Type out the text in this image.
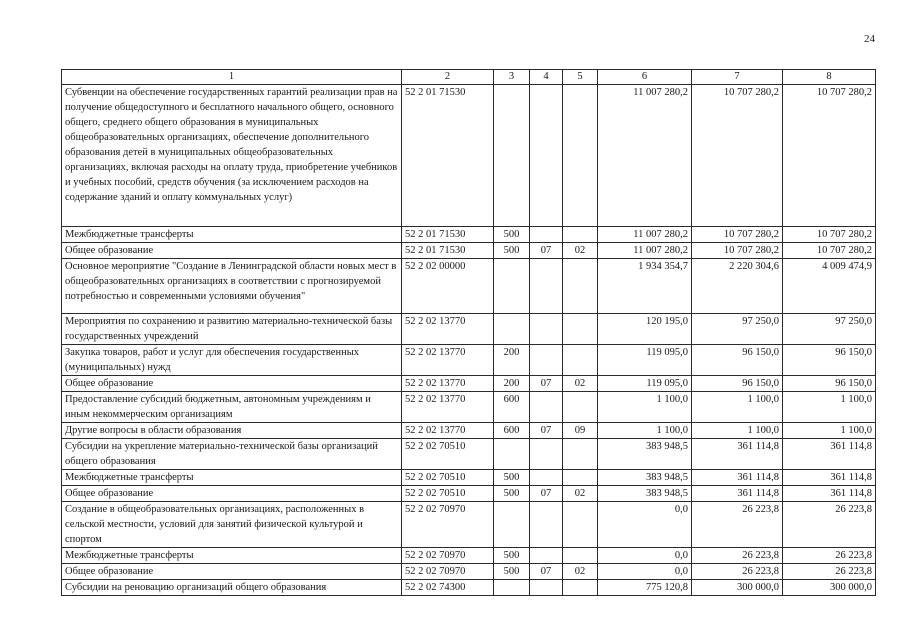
24
1	2	3	4	5	6	7	8
Субвенции на обеспечение государственных гарантий реализации прав на получение общедоступного и бесплатного начального общего, основного общего, среднего общего образования в муниципальных общеобразовательных организациях, обеспечение дополнительного образования детей в муниципальных общеобразовательных организациях, включая расходы на оплату труда, приобретение учебников и учебных пособий, средств обучения (за исключением расходов на содержание зданий и оплату коммунальных услуг)	52 2 01 71530				11 007 280,2	10 707 280,2	10 707 280,2
Межбюджетные трансферты	52 2 01 71530	500			11 007 280,2	10 707 280,2	10 707 280,2
Общее образование	52 2 01 71530	500	07	02	11 007 280,2	10 707 280,2	10 707 280,2
Основное мероприятие "Создание в Ленинградской области новых мест в общеобразовательных организациях в соответствии с прогнозируемой потребностью и современными условиями обучения"	52 2 02 00000				1 934 354,7	2 220 304,6	4 009 474,9
Мероприятия по сохранению и развитию материально-технической базы государственных учреждений	52 2 02 13770				120 195,0	97 250,0	97 250,0
Закупка товаров, работ и услуг для обеспечения государственных (муниципальных) нужд	52 2 02 13770	200			119 095,0	96 150,0	96 150,0
Общее образование	52 2 02 13770	200	07	02	119 095,0	96 150,0	96 150,0
Предоставление субсидий бюджетным, автономным учреждениям и иным некоммерческим организациям	52 2 02 13770	600			1 100,0	1 100,0	1 100,0
Другие вопросы в области образования	52 2 02 13770	600	07	09	1 100,0	1 100,0	1 100,0
Субсидии на укрепление материально-технической базы организаций общего образования	52 2 02 70510				383 948,5	361 114,8	361 114,8
Межбюджетные трансферты	52 2 02 70510	500			383 948,5	361 114,8	361 114,8
Общее образование	52 2 02 70510	500	07	02	383 948,5	361 114,8	361 114,8
Создание в общеобразовательных организациях, расположенных в сельской местности, условий для занятий физической культурой и спортом	52 2 02 70970				0,0	26 223,8	26 223,8
Межбюджетные трансферты	52 2 02 70970	500			0,0	26 223,8	26 223,8
Общее образование	52 2 02 70970	500	07	02	0,0	26 223,8	26 223,8
Субсидии на реновацию организаций общего образования	52 2 02 74300				775 120,8	300 000,0	300 000,0
